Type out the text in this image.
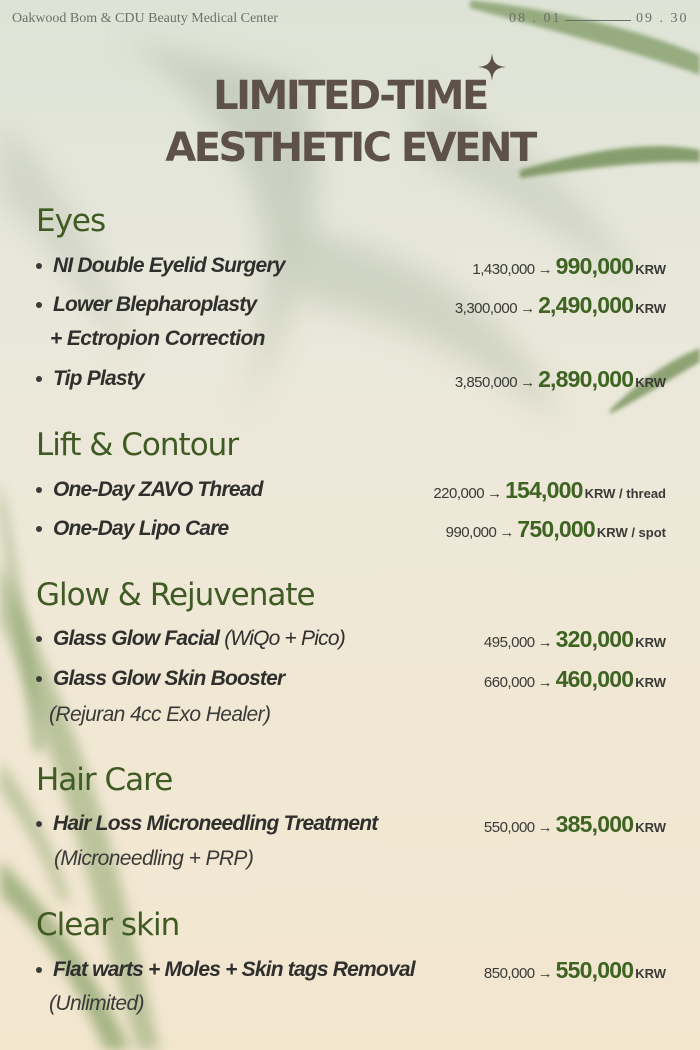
Oakwood Bom & CDU Beauty Medical Center	08 . 01	09 . 30
LIMITED-TIME
AESTHETIC EVENT
Eyes
NI Double Eyelid Surgery	1,430,000 → 990,000 KRW
Lower Blepharoplasty	3,300,000 → 2,490,000 KRW
+ Ectropion Correction
Tip Plasty	3,850,000 → 2,890,000 KRW
Lift & Contour
One-Day ZAVO Thread	220,000 → 154,000 KRW / thread
One-Day Lipo Care	990,000 → 750,000 KRW / spot
Glow & Rejuvenate
Glass Glow Facial (WiQo + Pico)	495,000 → 320,000 KRW
Glass Glow Skin Booster	660,000 → 460,000 KRW
(Rejuran 4cc Exo Healer)
Hair Care
Hair Loss Microneedling Treatment	550,000 → 385,000 KRW
(Microneedling + PRP)
Clear skin
Flat warts + Moles + Skin tags Removal	850,000 → 550,000 KRW
(Unlimited)
